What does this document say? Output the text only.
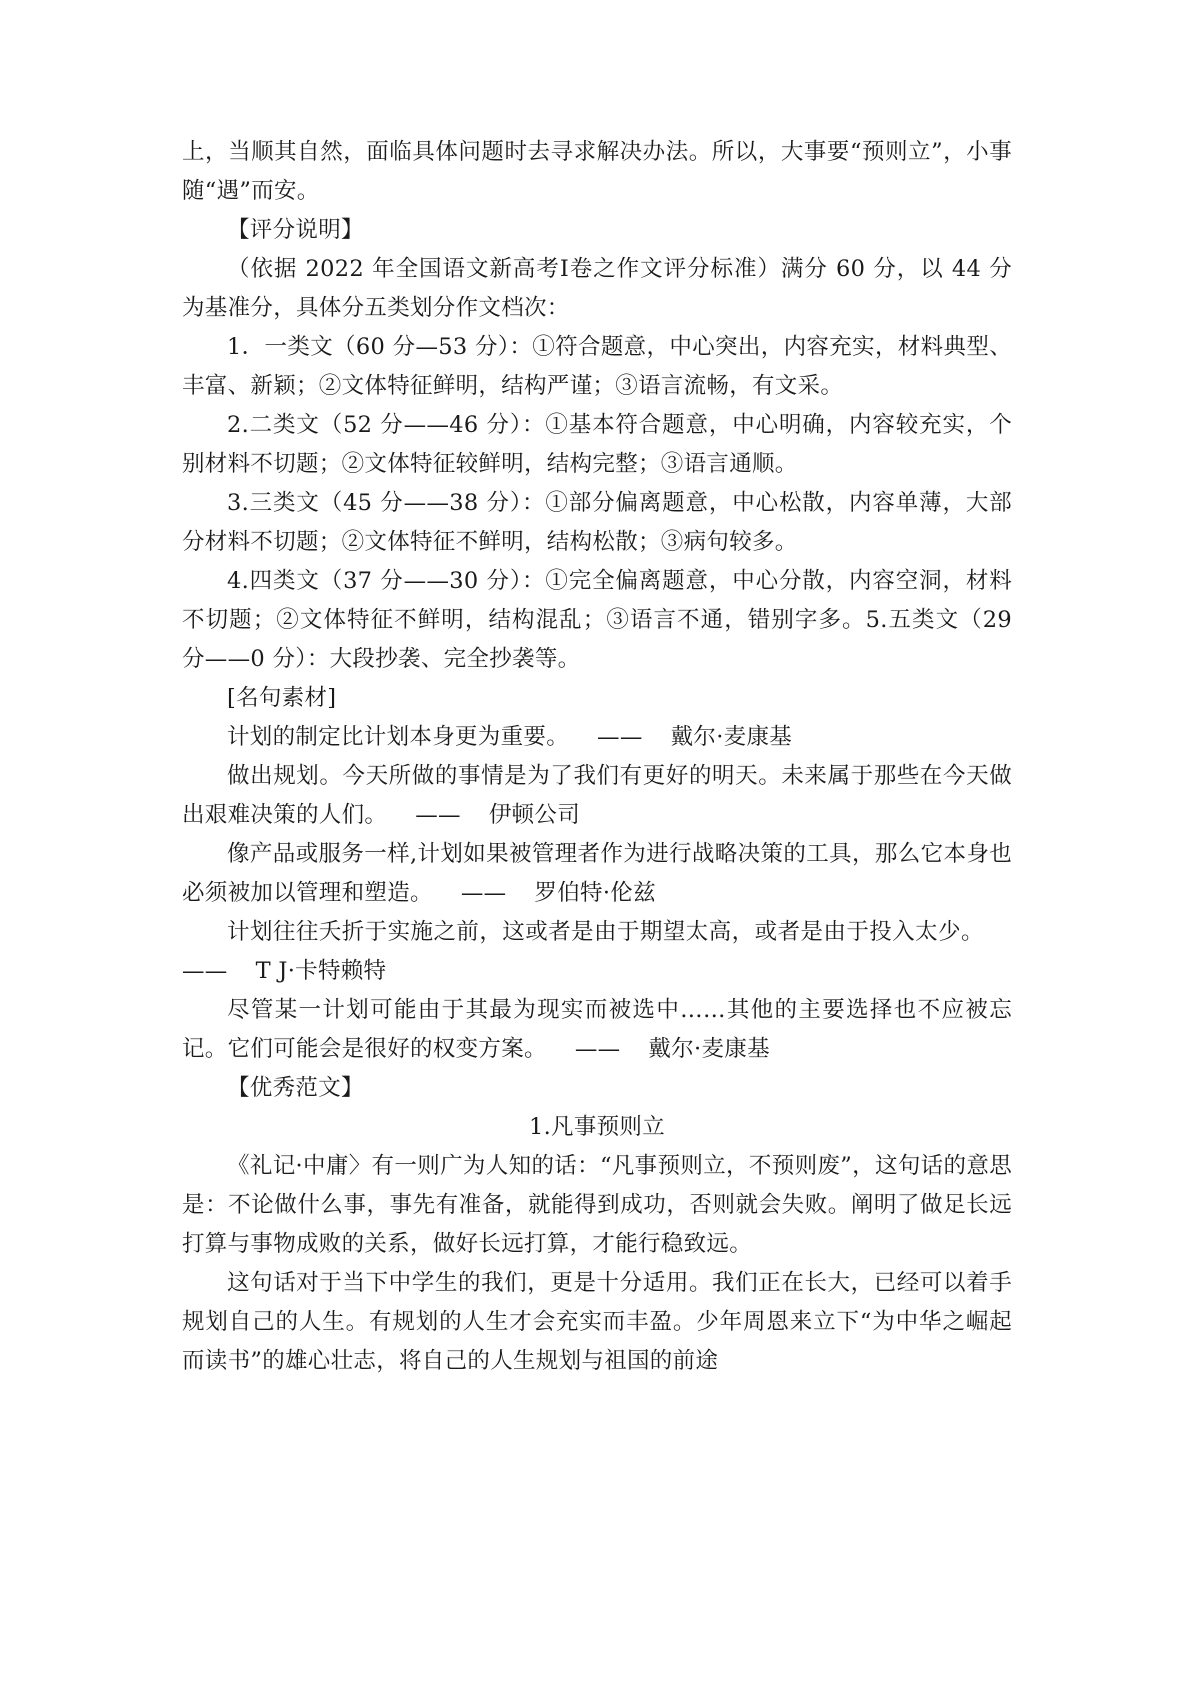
上，当顺其自然，面临具体问题时去寻求解决办法。所以，大事要“预则立”，小事随“遇”而安。

【评分说明】

（依据 2022 年全国语文新高考Ⅰ卷之作文评分标准）满分 60 分，以 44 分为基准分，具体分五类划分作文档次：

1．一类文（60 分—53 分）：①符合题意，中心突出，内容充实，材料典型、丰富、新颖；②文体特征鲜明，结构严谨；③语言流畅，有文采。

2.二类文（52 分——46 分）：①基本符合题意，中心明确，内容较充实，个别材料不切题；②文体特征较鲜明，结构完整；③语言通顺。

3.三类文（45 分——38 分）：①部分偏离题意，中心松散，内容单薄，大部分材料不切题；②文体特征不鲜明，结构松散；③病句较多。

4.四类文（37 分——30 分）：①完全偏离题意，中心分散，内容空洞，材料不切题；②文体特征不鲜明，结构混乱；③语言不通，错别字多。5.五类文（29 分——0 分）：大段抄袭、完全抄袭等。

[名句素材]

计划的制定比计划本身更为重要。 —— 戴尔·麦康基

做出规划。今天所做的事情是为了我们有更好的明天。未来属于那些在今天做出艰难决策的人们。 —— 伊顿公司

像产品或服务一样,计划如果被管理者作为进行战略决策的工具，那么它本身也必须被加以管理和塑造。 —— 罗伯特·伦兹

计划往往夭折于实施之前，这或者是由于期望太高，或者是由于投入太少。—— T J·卡特赖特

尽管某一计划可能由于其最为现实而被选中……其他的主要选择也不应被忘记。它们可能会是很好的权变方案。 —— 戴尔·麦康基

【优秀范文】

1.凡事预则立

《礼记·中庸〉有一则广为人知的话：“凡事预则立，不预则废”，这句话的意思是：不论做什么事，事先有准备，就能得到成功，否则就会失败。阐明了做足长远打算与事物成败的关系，做好长远打算，才能行稳致远。

这句话对于当下中学生的我们，更是十分适用。我们正在长大，已经可以着手规划自己的人生。有规划的人生才会充实而丰盈。少年周恩来立下“为中华之崛起而读书”的雄心壮志，将自己的人生规划与祖国的前途
